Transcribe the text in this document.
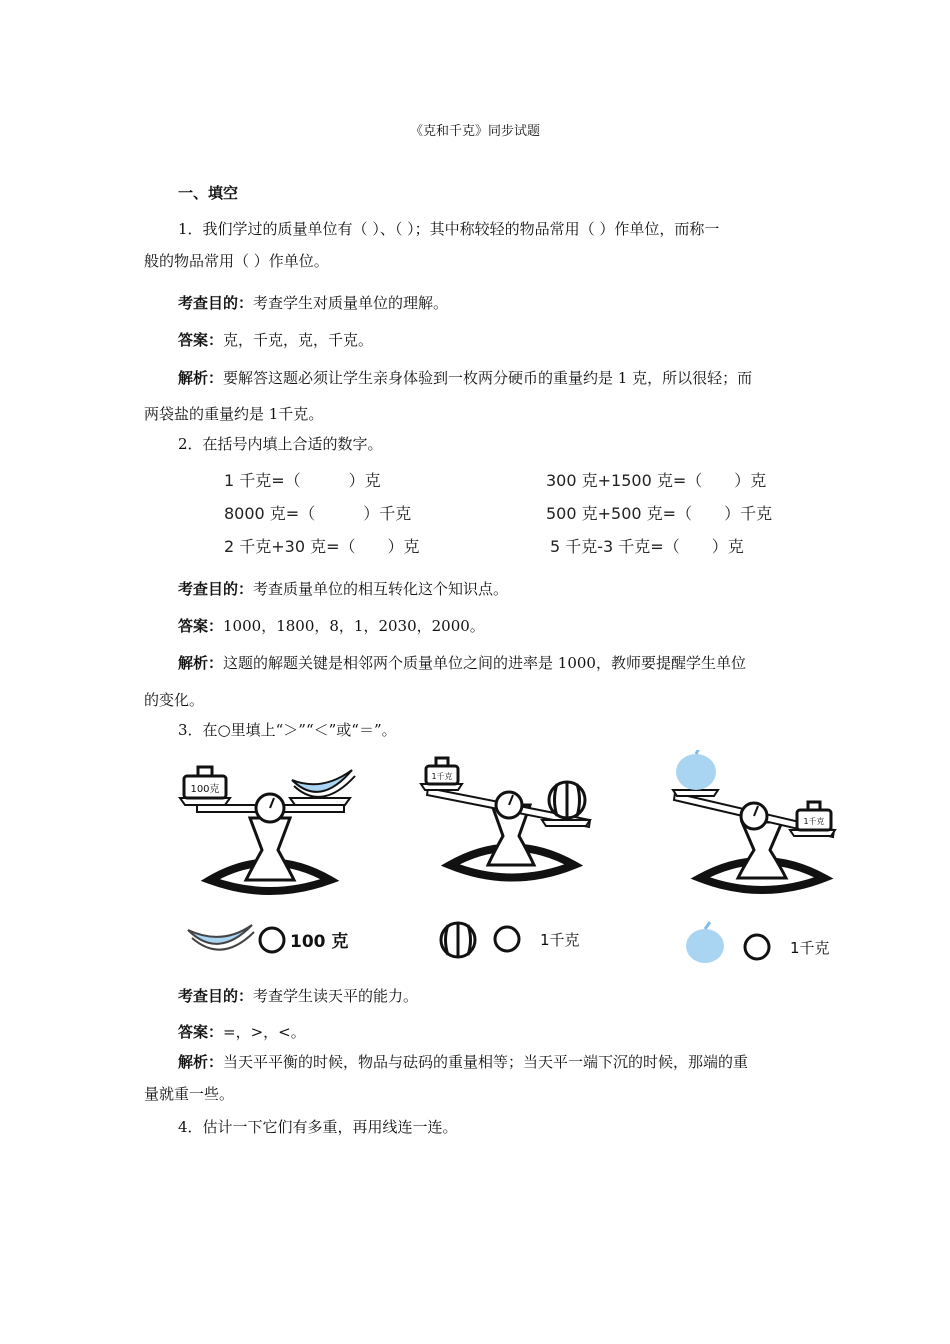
《克和千克》同步试题
一、填空
1．我们学过的质量单位有（ ）、（ ）；其中称较轻的物品常用（ ）作单位，而称一
般的物品常用（ ）作单位。
考查目的：考查学生对质量单位的理解。
答案：克，千克，克，千克。
解析：要解答这题必须让学生亲身体验到一枚两分硬币的重量约是 1 克，所以很轻；而
两袋盐的重量约是 1千克。
2．在括号内填上合适的数字。
1 千克=（　　　）克	300 克+1500 克=（　　）克
8000 克=（　　　）千克	500 克+500 克=（　　）千克
2 千克+30 克=（　　）克	5 千克-3 千克=（　　）克
考查目的：考查质量单位的相互转化这个知识点。
答案：1000，1800，8，1，2030，2000。
解析：这题的解题关键是相邻两个质量单位之间的进率是 1000，教师要提醒学生单位
的变化。
3．在○里填上“＞”“＜”或“＝”。
100克
1千克
1千克
100 克	1千克	1千克
考查目的：考查学生读天平的能力。
答案：=，>，<。
解析：当天平平衡的时候，物品与砝码的重量相等；当天平一端下沉的时候，那端的重
量就重一些。
4．估计一下它们有多重，再用线连一连。
